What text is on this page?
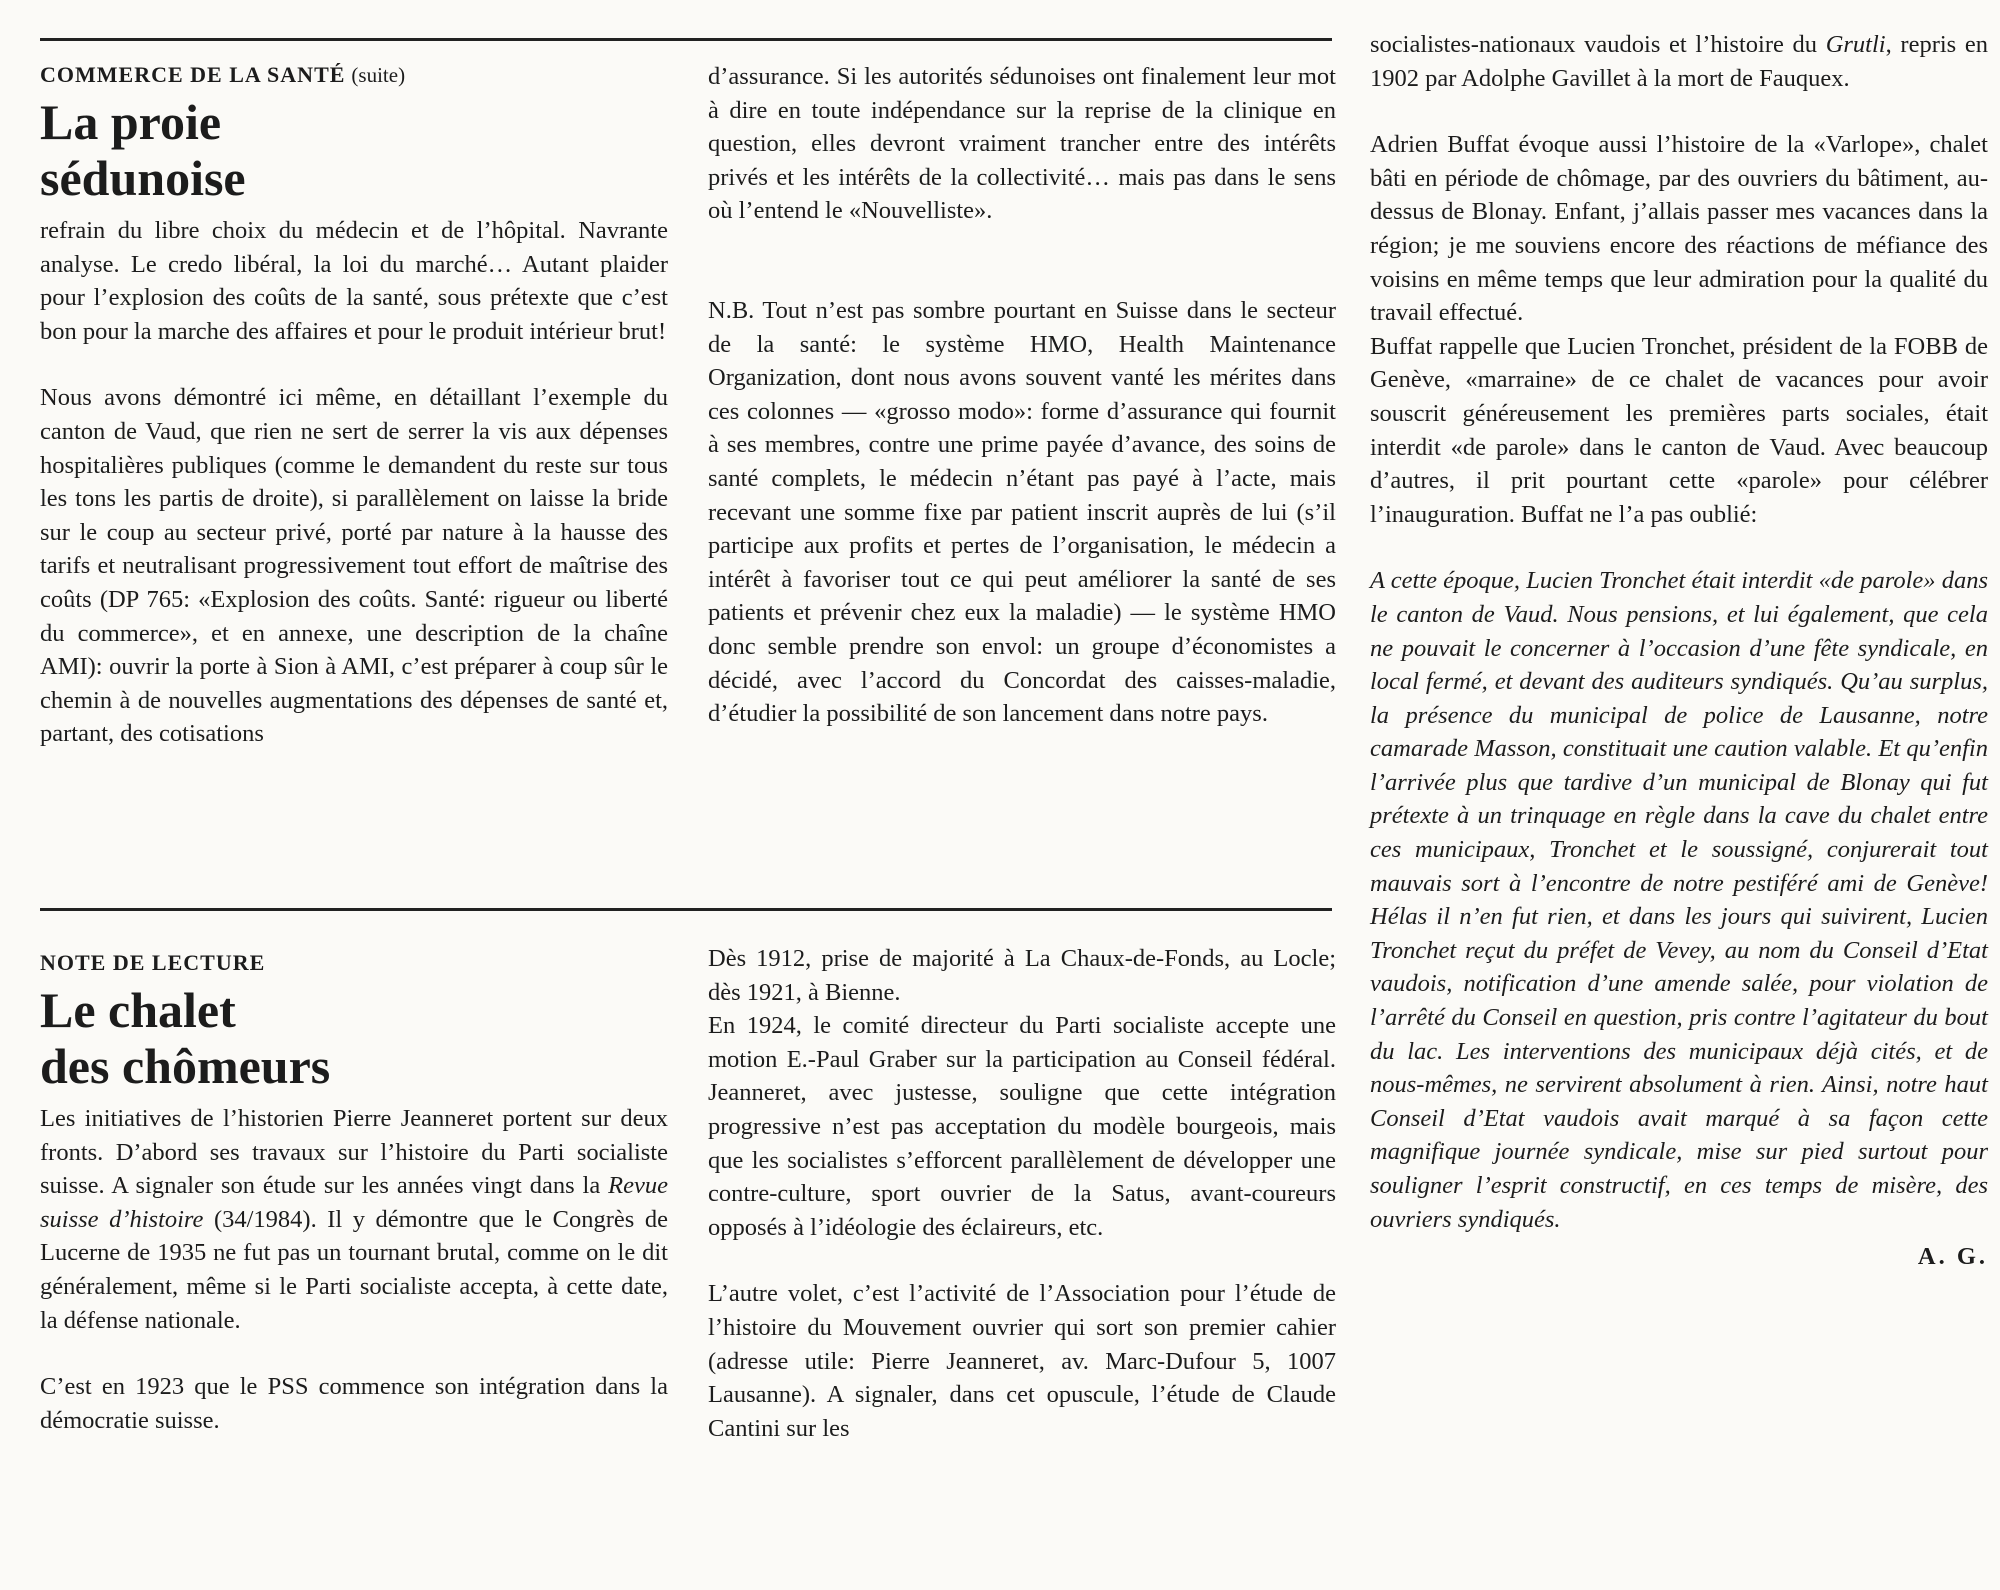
COMMERCE DE LA SANTÉ (suite)
La proie
sédunoise

refrain du libre choix du médecin et de l’hôpital. Navrante analyse. Le credo libéral, la loi du marché… Autant plaider pour l’explosion des coûts de la santé, sous prétexte que c’est bon pour la marche des affaires et pour le produit intérieur brut!

Nous avons démontré ici même, en détaillant l’exemple du canton de Vaud, que rien ne sert de serrer la vis aux dépenses hospitalières publiques (comme le demandent du reste sur tous les tons les partis de droite), si parallèlement on laisse la bride sur le coup au secteur privé, porté par nature à la hausse des tarifs et neutralisant progressivement tout effort de maîtrise des coûts (DP 765: «Explosion des coûts. Santé: rigueur ou liberté du commerce», et en annexe, une description de la chaîne AMI): ouvrir la porte à Sion à AMI, c’est préparer à coup sûr le chemin à de nouvelles augmentations des dépenses de santé et, partant, des cotisations

d’assurance. Si les autorités sédunoises ont finalement leur mot à dire en toute indépendance sur la reprise de la clinique en question, elles devront vraiment trancher entre des intérêts privés et les intérêts de la collectivité… mais pas dans le sens où l’entend le «Nouvelliste».

N.B. Tout n’est pas sombre pourtant en Suisse dans le secteur de la santé: le système HMO, Health Maintenance Organization, dont nous avons souvent vanté les mérites dans ces colonnes — «grosso modo»: forme d’assurance qui fournit à ses membres, contre une prime payée d’avance, des soins de santé complets, le médecin n’étant pas payé à l’acte, mais recevant une somme fixe par patient inscrit auprès de lui (s’il participe aux profits et pertes de l’organisation, le médecin a intérêt à favoriser tout ce qui peut améliorer la santé de ses patients et prévenir chez eux la maladie) — le système HMO donc semble prendre son envol: un groupe d’économistes a décidé, avec l’accord du Concordat des caisses-maladie, d’étudier la possibilité de son lancement dans notre pays.

NOTE DE LECTURE
Le chalet
des chômeurs

Les initiatives de l’historien Pierre Jeanneret portent sur deux fronts. D’abord ses travaux sur l’histoire du Parti socialiste suisse. A signaler son étude sur les années vingt dans la Revue suisse d’histoire (34/1984). Il y démontre que le Congrès de Lucerne de 1935 ne fut pas un tournant brutal, comme on le dit généralement, même si le Parti socialiste accepta, à cette date, la défense nationale.

C’est en 1923 que le PSS commence son intégration dans la démocratie suisse.

Dès 1912, prise de majorité à La Chaux-de-Fonds, au Locle; dès 1921, à Bienne.

En 1924, le comité directeur du Parti socialiste accepte une motion E.-Paul Graber sur la participation au Conseil fédéral. Jeanneret, avec justesse, souligne que cette intégration progressive n’est pas acceptation du modèle bourgeois, mais que les socialistes s’efforcent parallèlement de développer une contre-culture, sport ouvrier de la Satus, avant-coureurs opposés à l’idéologie des éclaireurs, etc.

L’autre volet, c’est l’activité de l’Association pour l’étude de l’histoire du Mouvement ouvrier qui sort son premier cahier (adresse utile: Pierre Jeanneret, av. Marc-Dufour 5, 1007 Lausanne). A signaler, dans cet opuscule, l’étude de Claude Cantini sur les

socialistes-nationaux vaudois et l’histoire du Grutli, repris en 1902 par Adolphe Gavillet à la mort de Fauquex.

Adrien Buffat évoque aussi l’histoire de la «Varlope», chalet bâti en période de chômage, par des ouvriers du bâtiment, au-dessus de Blonay. Enfant, j’allais passer mes vacances dans la région; je me souviens encore des réactions de méfiance des voisins en même temps que leur admiration pour la qualité du travail effectué.

Buffat rappelle que Lucien Tronchet, président de la FOBB de Genève, «marraine» de ce chalet de vacances pour avoir souscrit généreusement les premières parts sociales, était interdit «de parole» dans le canton de Vaud. Avec beaucoup d’autres, il prit pourtant cette «parole» pour célébrer l’inauguration. Buffat ne l’a pas oublié:

A cette époque, Lucien Tronchet était interdit «de parole» dans le canton de Vaud. Nous pensions, et lui également, que cela ne pouvait le concerner à l’occasion d’une fête syndicale, en local fermé, et devant des auditeurs syndiqués. Qu’au surplus, la présence du municipal de police de Lausanne, notre camarade Masson, constituait une caution valable. Et qu’enfin l’arrivée plus que tardive d’un municipal de Blonay qui fut prétexte à un trinquage en règle dans la cave du chalet entre ces municipaux, Tronchet et le soussigné, conjurerait tout mauvais sort à l’encontre de notre pestiféré ami de Genève! Hélas il n’en fut rien, et dans les jours qui suivirent, Lucien Tronchet reçut du préfet de Vevey, au nom du Conseil d’Etat vaudois, notification d’une amende salée, pour violation de l’arrêté du Conseil en question, pris contre l’agitateur du bout du lac. Les interventions des municipaux déjà cités, et de nous-mêmes, ne servirent absolument à rien. Ainsi, notre haut Conseil d’Etat vaudois avait marqué à sa façon cette magnifique journée syndicale, mise sur pied surtout pour souligner l’esprit constructif, en ces temps de misère, des ouvriers syndiqués.

A. G.
